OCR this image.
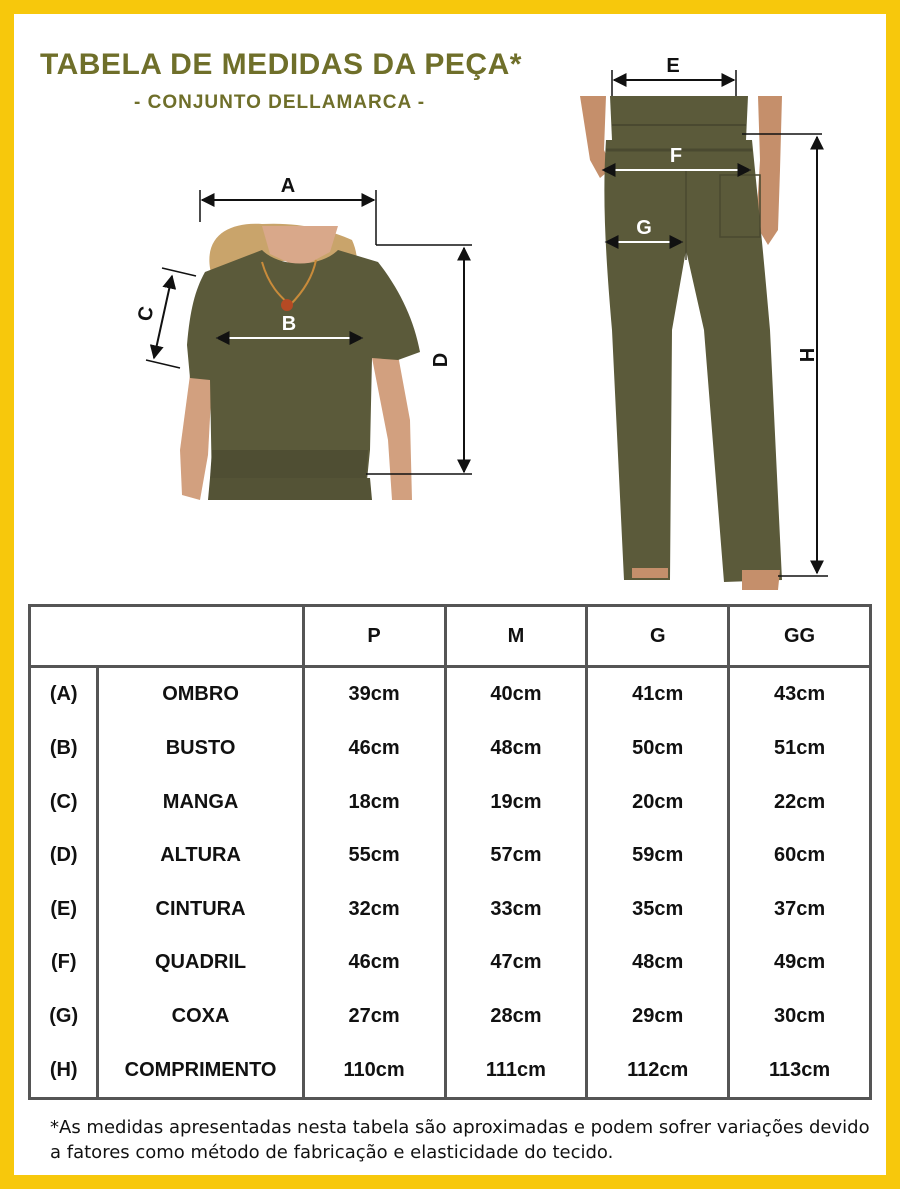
TABELA DE MEDIDAS DA PEÇA*
- CONJUNTO DELLAMARCA -
A
B
C
D
E
F
G
H
		P	M	G	GG
(A)	OMBRO	39cm	40cm	41cm	43cm
(B)	BUSTO	46cm	48cm	50cm	51cm
(C)	MANGA	18cm	19cm	20cm	22cm
(D)	ALTURA	55cm	57cm	59cm	60cm
(E)	CINTURA	32cm	33cm	35cm	37cm
(F)	QUADRIL	46cm	47cm	48cm	49cm
(G)	COXA	27cm	28cm	29cm	30cm
(H)	COMPRIMENTO	110cm	111cm	112cm	113cm
*As medidas apresentadas nesta tabela são aproximadas e podem sofrer variações devido a fatores como método de fabricação e elasticidade do tecido.
